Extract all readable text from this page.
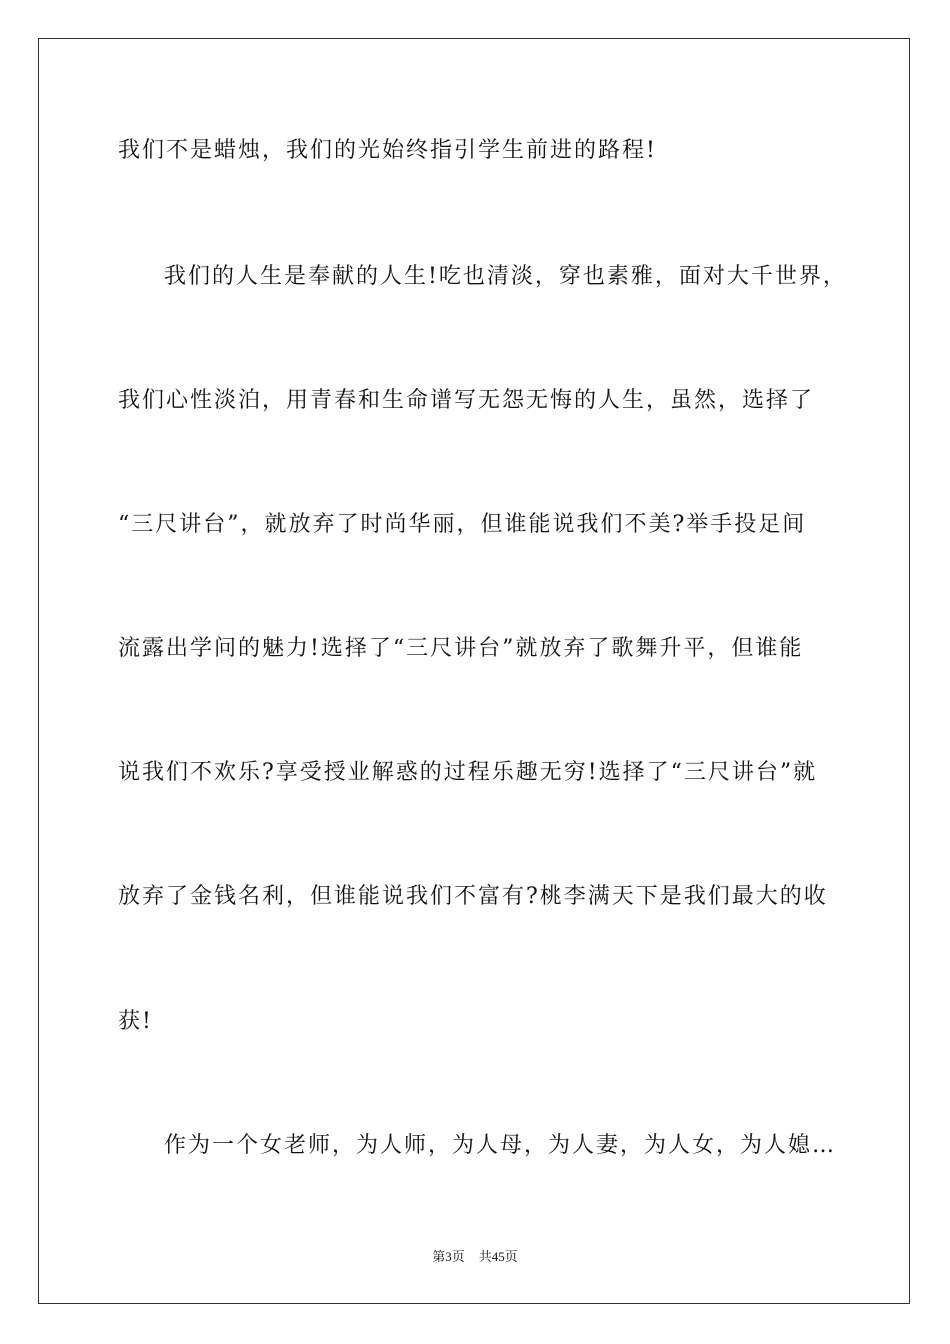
我们不是蜡烛，我们的光始终指引学生前进的路程!
我们的人生是奉献的人生!吃也清淡，穿也素雅，面对大千世界，
我们心性淡泊，用青春和生命谱写无怨无悔的人生，虽然，选择了
“三尺讲台”，就放弃了时尚华丽，但谁能说我们不美?举手投足间
流露出学问的魅力!选择了“三尺讲台”就放弃了歌舞升平，但谁能
说我们不欢乐?享受授业解惑的过程乐趣无穷!选择了“三尺讲台”就
放弃了金钱名利，但谁能说我们不富有?桃李满天下是我们最大的收
获!
作为一个女老师，为人师，为人母，为人妻，为人女，为人媳…
第3页 共45页
